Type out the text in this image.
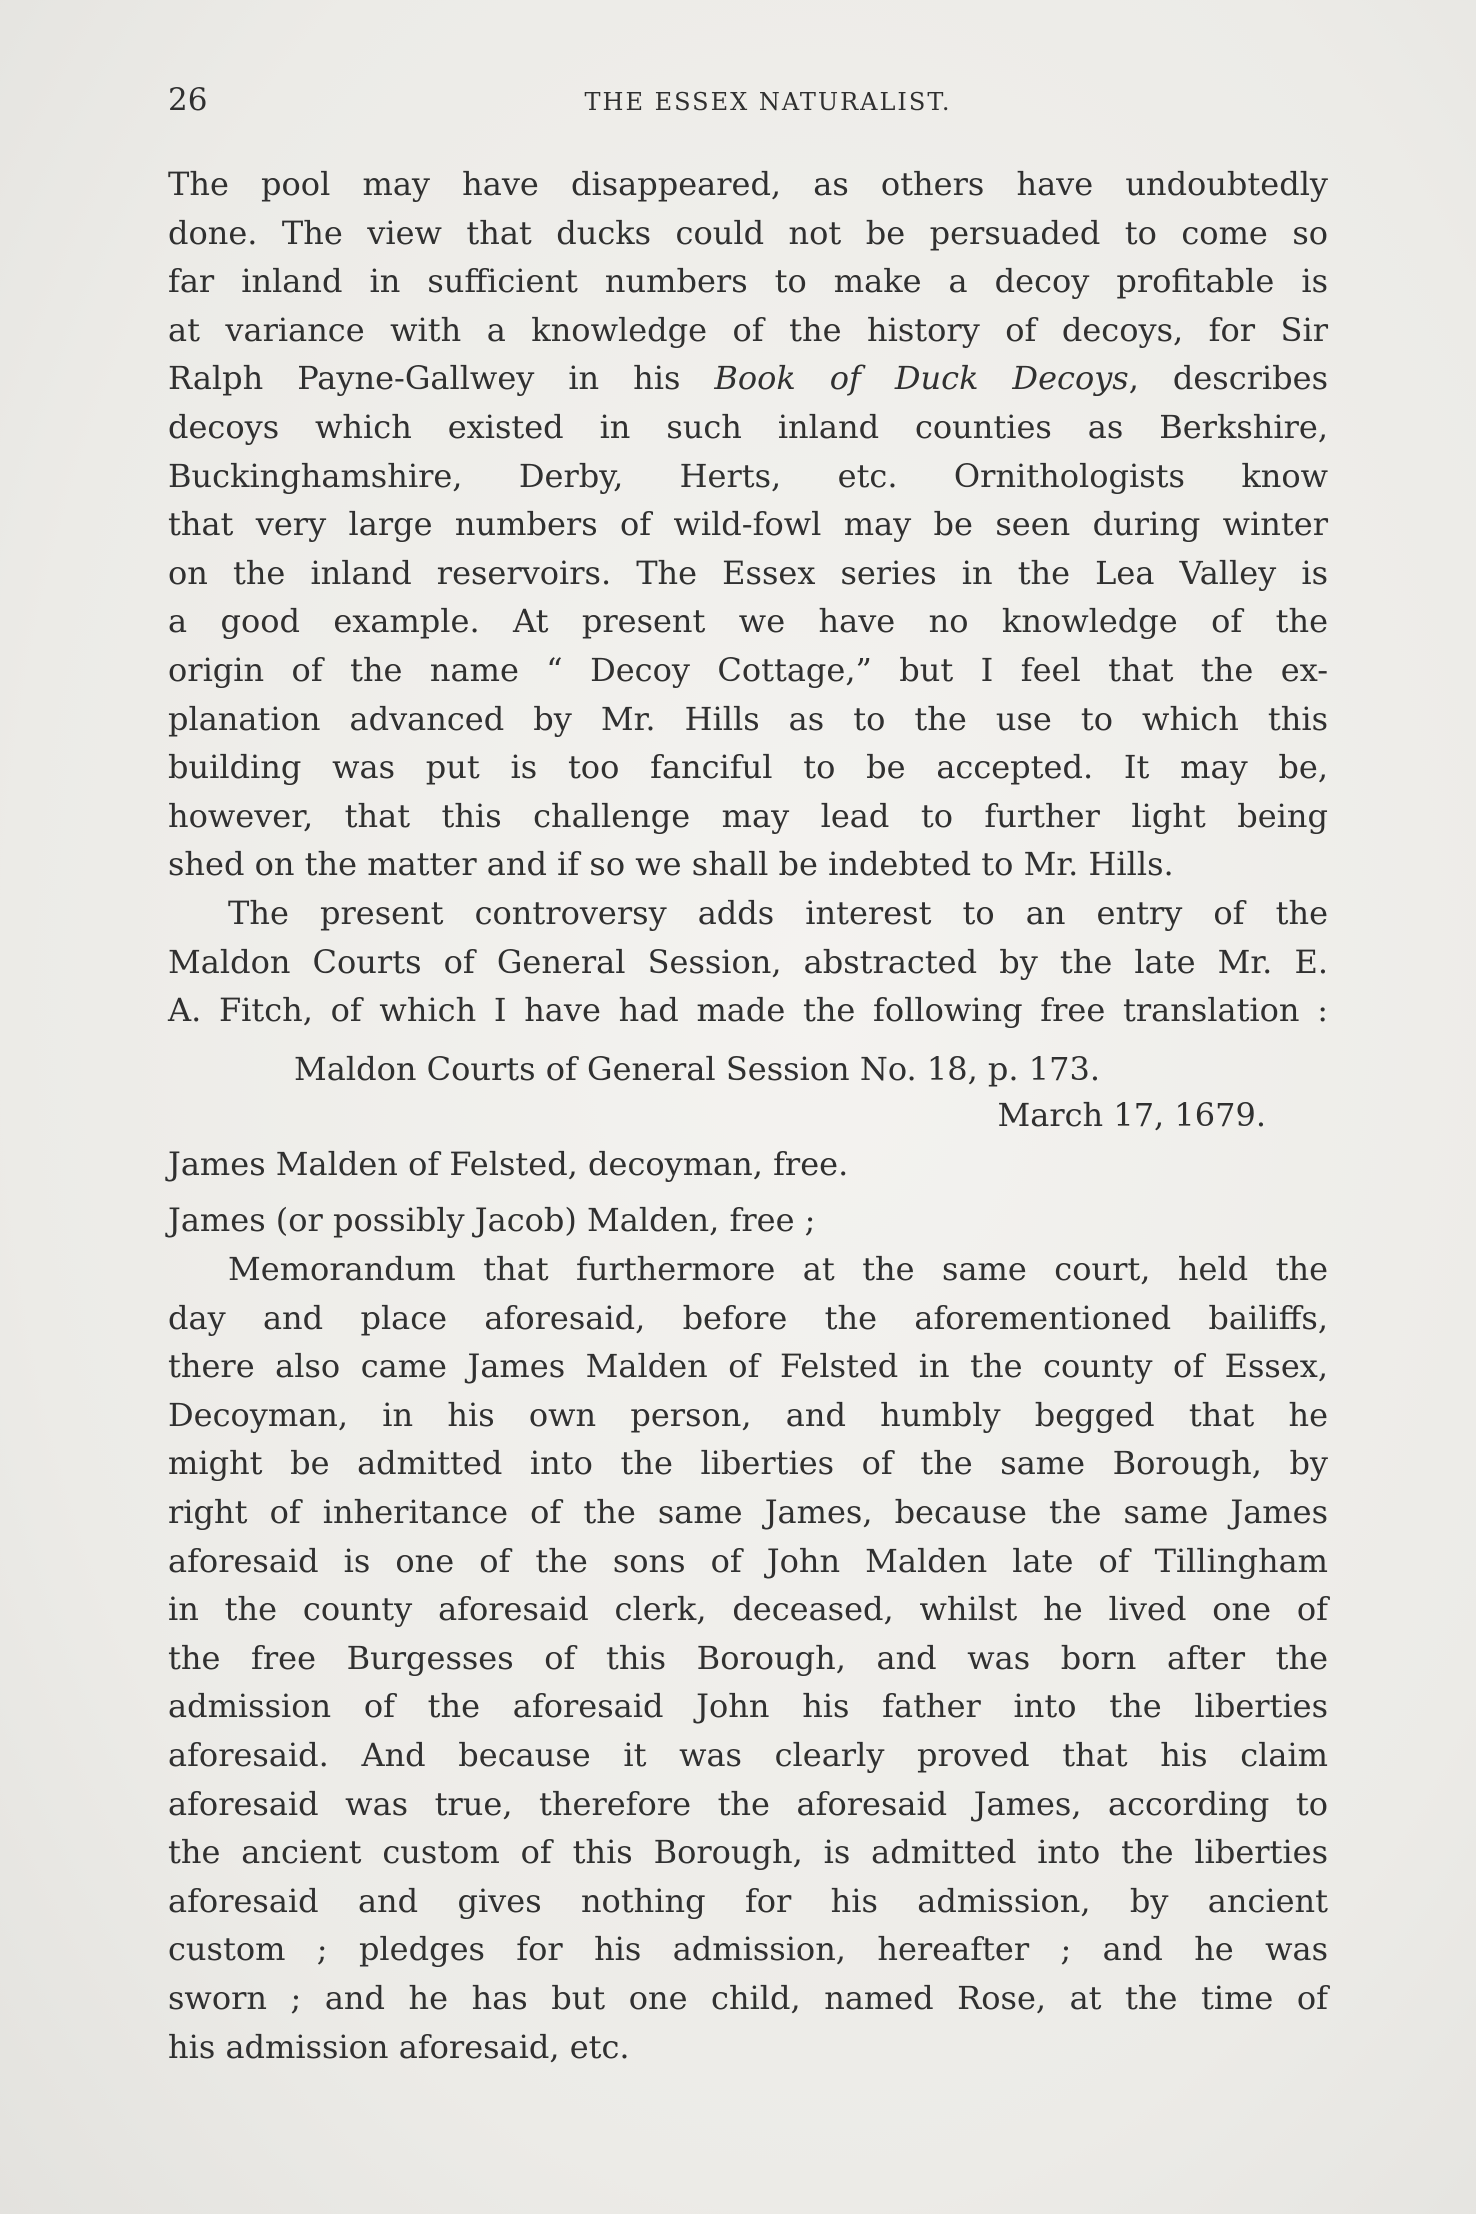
26	THE ESSEX NATURALIST.

The pool may have disappeared, as others have undoubtedly

done. The view that ducks could not be persuaded to come so

far inland in sufficient numbers to make a decoy profitable is

at variance with a knowledge of the history of decoys, for Sir

Ralph Payne-Gallwey in his Book of Duck Decoys, describes

decoys which existed in such inland counties as Berkshire,

Buckinghamshire, Derby, Herts, etc. Ornithologists know

that very large numbers of wild-fowl may be seen during winter

on the inland reservoirs. The Essex series in the Lea Valley is

a good example. At present we have no knowledge of the

origin of the name “ Decoy Cottage,” but I feel that the ex-

planation advanced by Mr. Hills as to the use to which this

building was put is too fanciful to be accepted. It may be,

however, that this challenge may lead to further light being

shed on the matter and if so we shall be indebted to Mr. Hills.

The present controversy adds interest to an entry of the

Maldon Courts of General Session, abstracted by the late Mr. E.

A. Fitch, of which I have had made the following free translation :

Maldon Courts of General Session No. 18, p. 173.

March 17, 1679.

James Malden of Felsted, decoyman, free.

James (or possibly Jacob) Malden, free ;

Memorandum that furthermore at the same court, held the

day and place aforesaid, before the aforementioned bailiffs,

there also came James Malden of Felsted in the county of Essex,

Decoyman, in his own person, and humbly begged that he

might be admitted into the liberties of the same Borough, by

right of inheritance of the same James, because the same James

aforesaid is one of the sons of John Malden late of Tillingham

in the county aforesaid clerk, deceased, whilst he lived one of

the free Burgesses of this Borough, and was born after the

admission of the aforesaid John his father into the liberties

aforesaid. And because it was clearly proved that his claim

aforesaid was true, therefore the aforesaid James, according to

the ancient custom of this Borough, is admitted into the liberties

aforesaid and gives nothing for his admission, by ancient

custom ; pledges for his admission, hereafter ; and he was

sworn ; and he has but one child, named Rose, at the time of

his admission aforesaid, etc.
